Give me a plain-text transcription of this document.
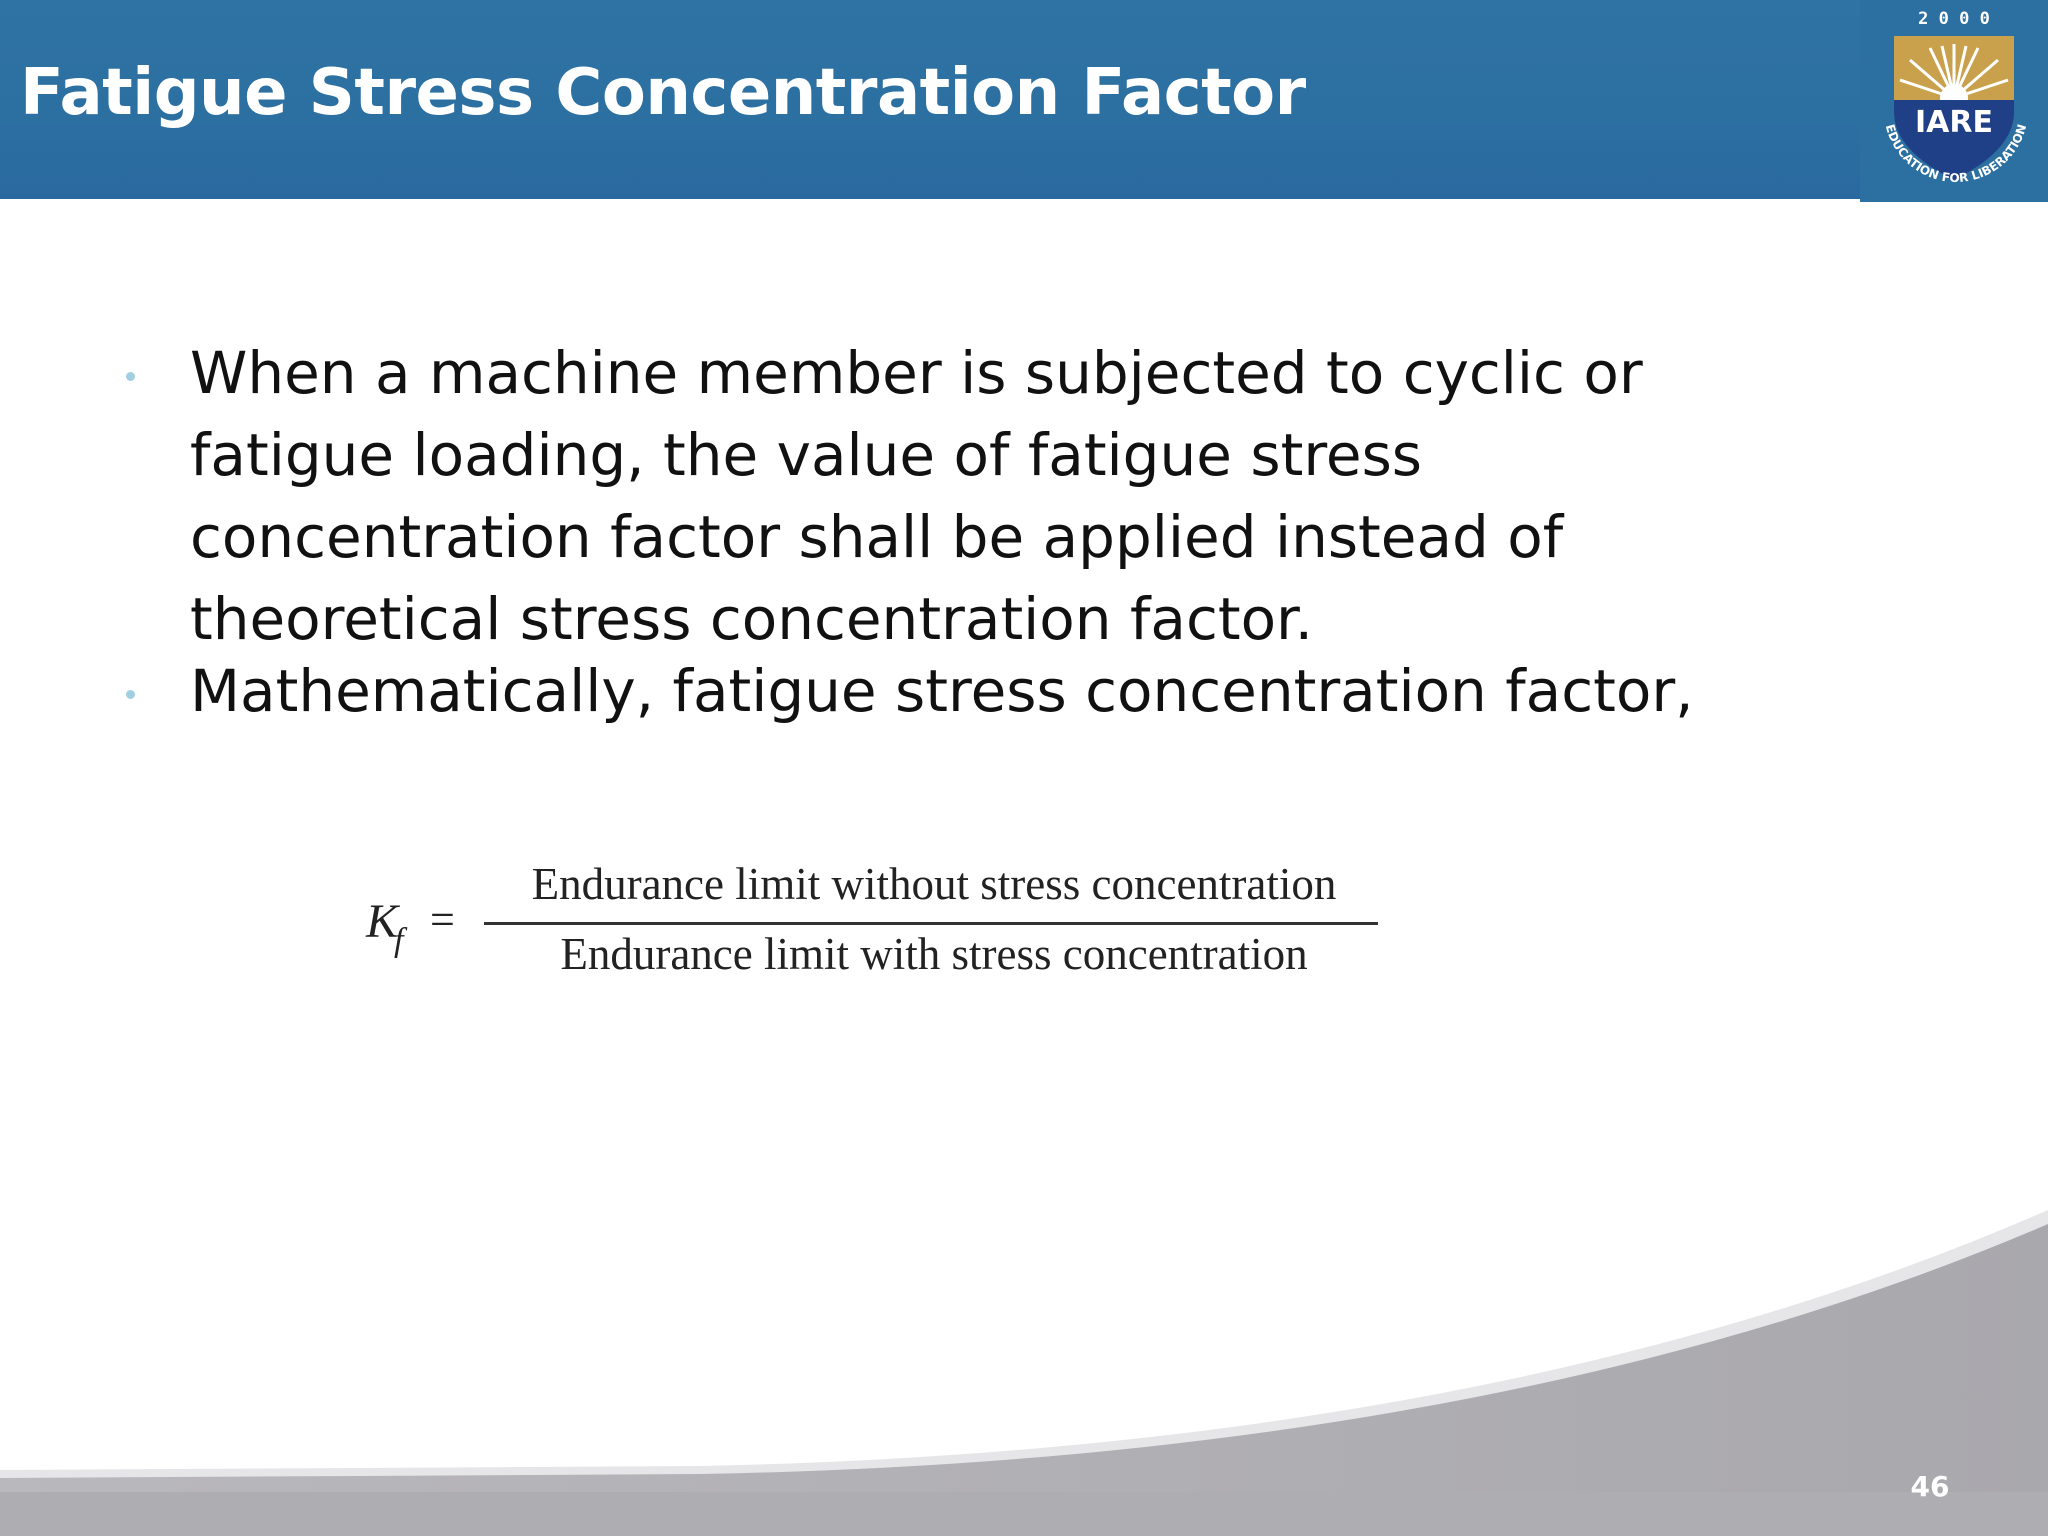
Fatigue Stress Concentration Factor
2 0 0 0
IARE
EDUCATION FOR LIBERATION
When a machine member is subjected to cyclic or fatigue loading, the value of fatigue stress concentration factor shall be applied instead of theoretical stress concentration factor.
Mathematically, fatigue stress concentration factor,
$K_f$ =
Endurance limit without stress concentration
Endurance limit with stress concentration
46
